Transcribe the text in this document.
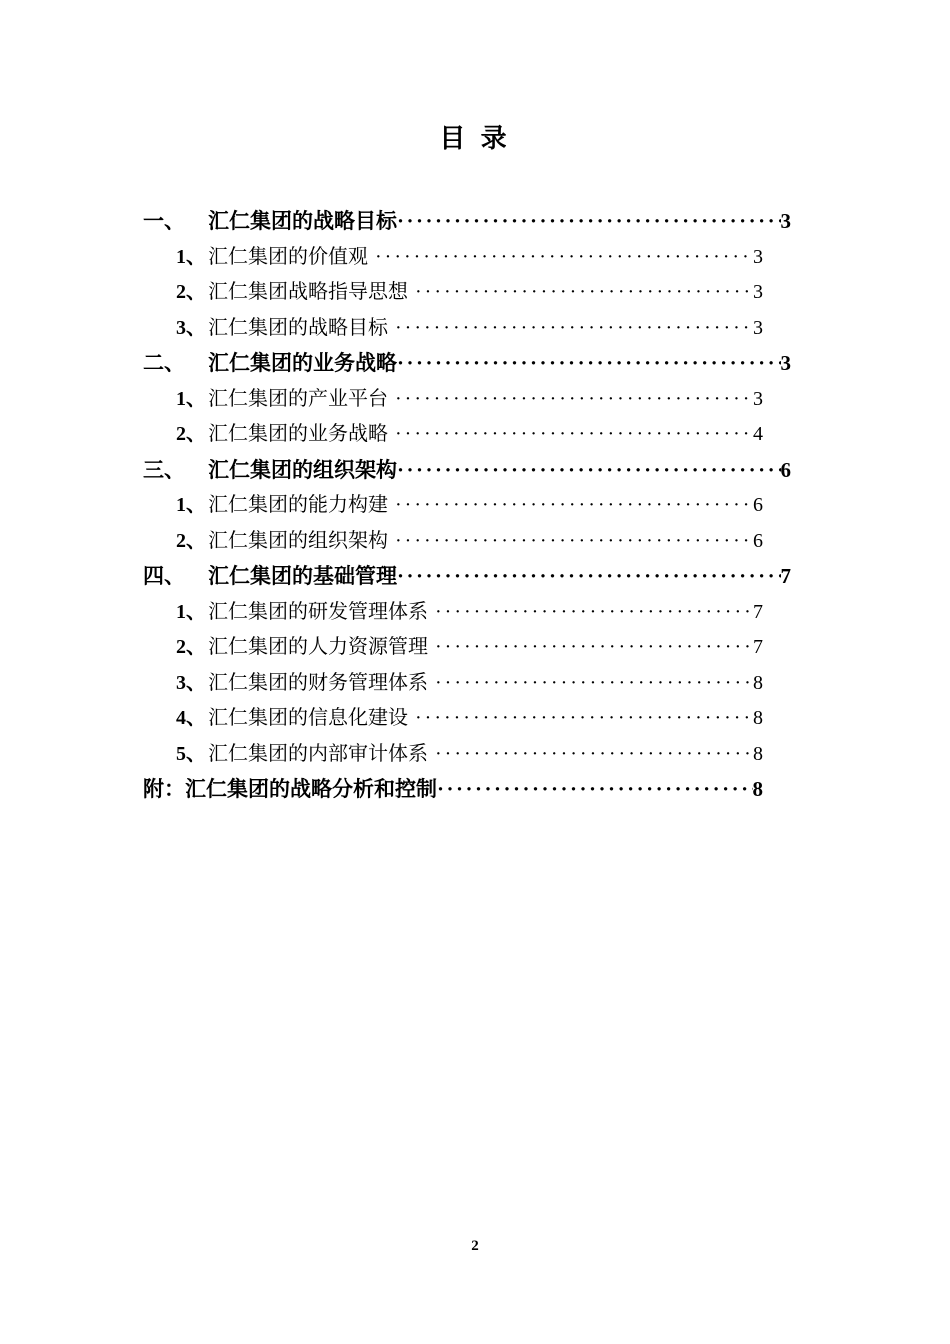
目 录
一、	汇仁集团的战略目标 ·····	3
1、 汇仁集团的价值观 ·····	3
2、 汇仁集团战略指导思想 ·····	3
3、 汇仁集团的战略目标 ·····	3
二、	汇仁集团的业务战略 ·····	3
1、 汇仁集团的产业平台 ·····	3
2、 汇仁集团的业务战略 ·····	4
三、	汇仁集团的组织架构 ·····	6
1、 汇仁集团的能力构建 ·····	6
2、 汇仁集团的组织架构 ·····	6
四、	汇仁集团的基础管理 ·····	7
1、 汇仁集团的研发管理体系 ·····	7
2、 汇仁集团的人力资源管理 ·····	7
3、 汇仁集团的财务管理体系 ·····	8
4、 汇仁集团的信息化建设 ·····	8
5、 汇仁集团的内部审计体系 ·····	8
附： 汇仁集团的战略分析和控制 ·····	8
2
